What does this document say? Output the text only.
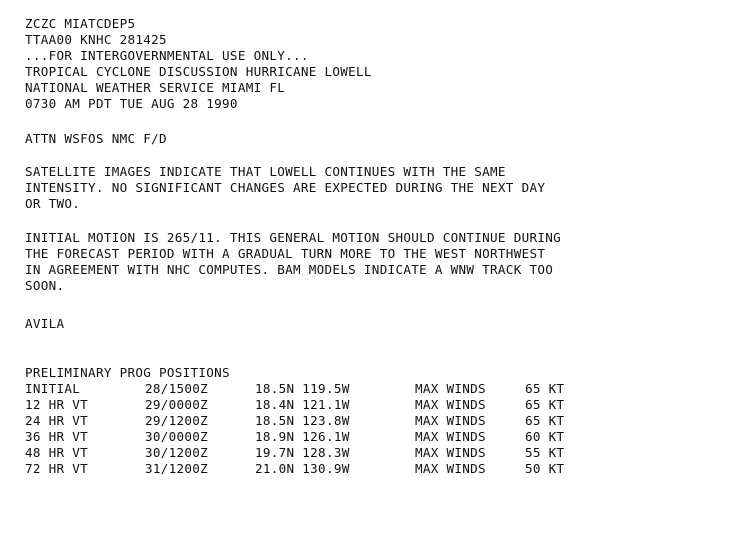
ZCZC MIATCDEP5
TTAA00 KNHC 281425
...FOR INTERGOVERNMENTAL USE ONLY...
TROPICAL CYCLONE DISCUSSION HURRICANE LOWELL
NATIONAL WEATHER SERVICE MIAMI FL
0730 AM PDT TUE AUG 28 1990
ATTN WSFOS NMC F/D
SATELLITE IMAGES INDICATE THAT LOWELL CONTINUES WITH THE SAME
INTENSITY. NO SIGNIFICANT CHANGES ARE EXPECTED DURING THE NEXT DAY
OR TWO.
INITIAL MOTION IS 265/11. THIS GENERAL MOTION SHOULD CONTINUE DURING
THE FORECAST PERIOD WITH A GRADUAL TURN MORE TO THE WEST NORTHWEST
IN AGREEMENT WITH NHC COMPUTES. BAM MODELS INDICATE A WNW TRACK TOO
SOON.
AVILA
PRELIMINARY PROG POSITIONS
INITIAL	28/1500Z	18.5N 119.5W	MAX WINDS	65 KT
12 HR VT	29/0000Z	18.4N 121.1W	MAX WINDS	65 KT
24 HR VT	29/1200Z	18.5N 123.8W	MAX WINDS	65 KT
36 HR VT	30/0000Z	18.9N 126.1W	MAX WINDS	60 KT
48 HR VT	30/1200Z	19.7N 128.3W	MAX WINDS	55 KT
72 HR VT	31/1200Z	21.0N 130.9W	MAX WINDS	50 KT
